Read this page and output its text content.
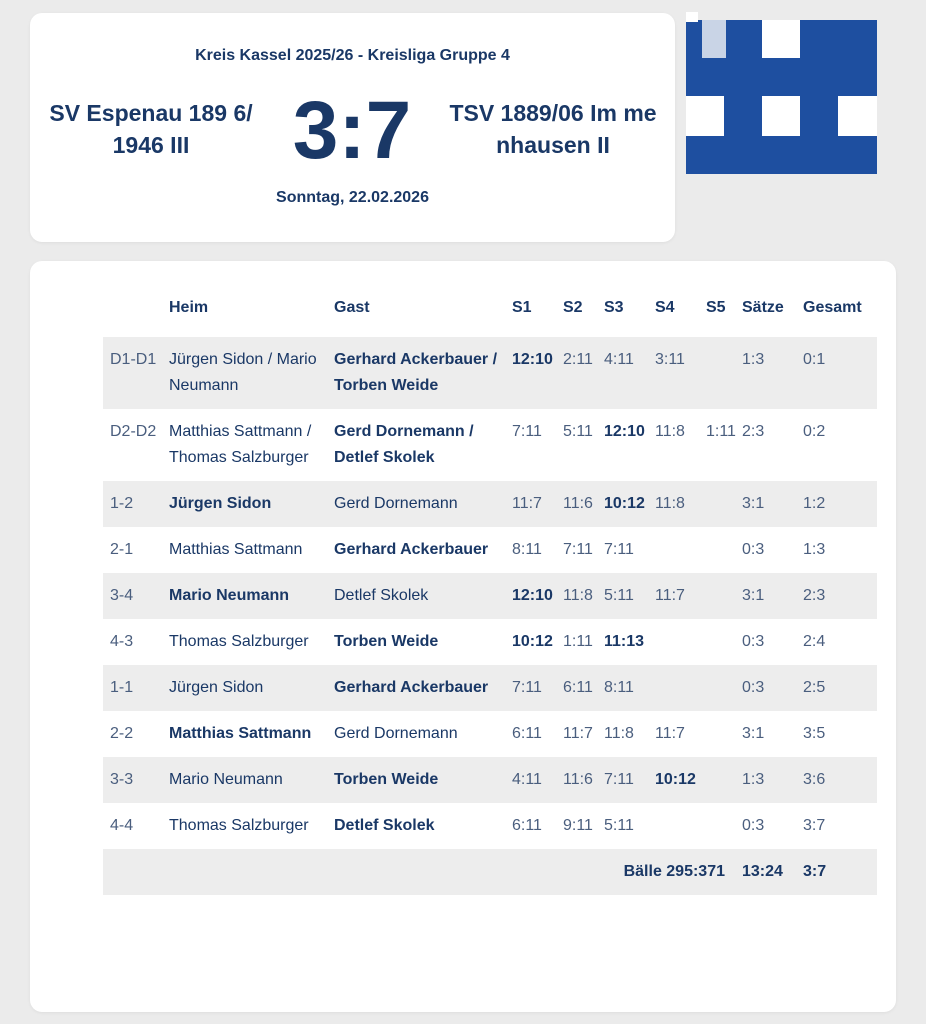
Kreis Kassel 2025/26 - Kreisliga Gruppe 4
SV Espenau 189 6/1946 III	3:7	TSV 1889/06 Im menhausen II
Sonntag, 22.02.2026
	Heim	Gast	S1	S2	S3	S4	S5	Sätze	Gesamt
D1-D1	Jürgen Sidon / Mario Neumann	Gerhard Ackerbauer / Torben Weide	12:10	2:11	4:11	3:11		1:3	0:1
D2-D2	Matthias Sattmann / Thomas Salzburger	Gerd Dornemann / Detlef Skolek	7:11	5:11	12:10	11:8	1:11	2:3	0:2
1-2	Jürgen Sidon	Gerd Dornemann	11:7	11:6	10:12	11:8		3:1	1:2
2-1	Matthias Sattmann	Gerhard Ackerbauer	8:11	7:11	7:11			0:3	1:3
3-4	Mario Neumann	Detlef Skolek	12:10	11:8	5:11	11:7		3:1	2:3
4-3	Thomas Salzburger	Torben Weide	10:12	1:11	11:13			0:3	2:4
1-1	Jürgen Sidon	Gerhard Ackerbauer	7:11	6:11	8:11			0:3	2:5
2-2	Matthias Sattmann	Gerd Dornemann	6:11	11:7	11:8	11:7		3:1	3:5
3-3	Mario Neumann	Torben Weide	4:11	11:6	7:11	10:12		1:3	3:6
4-4	Thomas Salzburger	Detlef Skolek	6:11	9:11	5:11			0:3	3:7
Bälle 295:371								13:24	3:7
